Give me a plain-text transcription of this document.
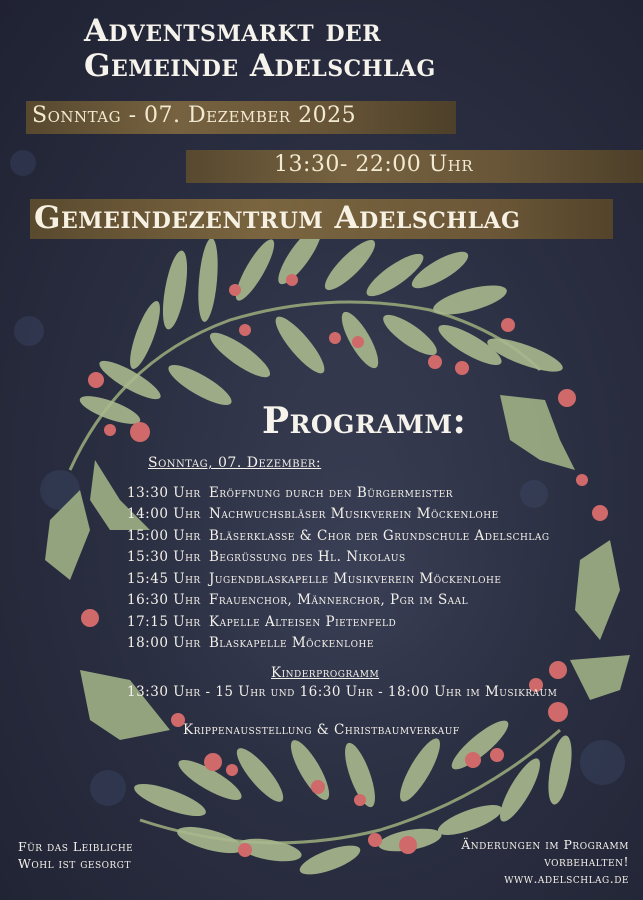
Adventsmarkt der
Gemeinde Adelschlag
Sonntag - 07. Dezember 2025
13:30- 22:00 Uhr
Gemeindezentrum Adelschlag
Programm:
Sonntag, 07. Dezember:
13:30 Uhr Eröffnung durch den Bürgermeister
14:00 Uhr Nachwuchsbläser Musikverein Möckenlohe
15:00 Uhr Bläserklasse & Chor der Grundschule Adelschlag
15:30 Uhr Begrüssung des Hl. Nikolaus
15:45 Uhr Jugendblaskapelle Musikverein Möckenlohe
16:30 Uhr Frauenchor, Männerchor, Pgr im Saal
17:15 Uhr Kapelle Alteisen Pietenfeld
18:00 Uhr Blaskapelle Möckenlohe
Kinderprogramm
13:30 Uhr - 15 Uhr und 16:30 Uhr - 18:00 Uhr im Musikraum
Krippenausstellung & Christbaumverkauf
Für das Leibliche
Wohl ist gesorgt
Änderungen im Programm
vorbehalten!
www.adelschlag.de
